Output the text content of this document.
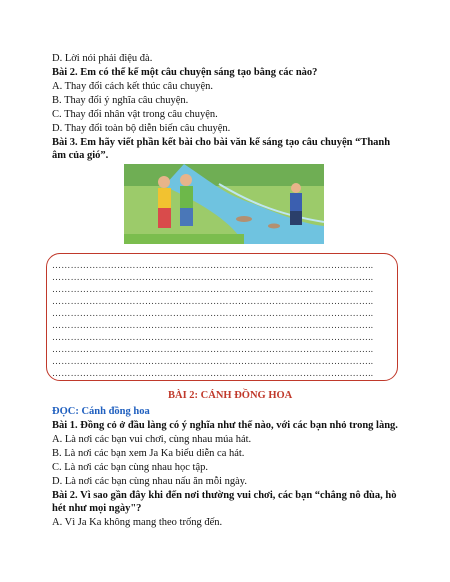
D. Lời nói phải điệu đà.
Bài 2. Em có thể kể một câu chuyện sáng tạo bằng các nào?
A. Thay đổi cách kết thúc câu chuyện.
B. Thay đổi ý nghĩa câu chuyện.
C. Thay đổi nhân vật trong câu chuyện.
D. Thay đổi toàn bộ diễn biến câu chuyện.
Bài 3. Em hãy viết phần kết bài cho bài văn kể sáng tạo câu chuyện “Thanh âm của gió”.
…………………………………………………………………………………………..
…………………………………………………………………………………………..
…………………………………………………………………………………………..
…………………………………………………………………………………………..
…………………………………………………………………………………………..
…………………………………………………………………………………………..
…………………………………………………………………………………………..
…………………………………………………………………………………………..
…………………………………………………………………………………………..
…………………………………………………………………………………………..
BÀI 2: CÁNH ĐỒNG HOA
ĐỌC: Cánh đồng hoa
Bài 1. Đồng cỏ ở đầu làng có ý nghĩa như thế nào, với các bạn nhỏ trong làng.
A. Là nơi các bạn vui chơi, cùng nhau múa hát.
B. Là nơi các bạn xem Ja Ka biểu diễn ca hát.
C. Là nơi các bạn cùng nhau học tập.
D. Là nơi các bạn cùng nhau nấu ăn mỗi ngày.
Bài 2. Vì sao gần đây khi đến nơi thường vui chơi, các bạn “chẳng nô đùa, hò hét như mọi ngày"?
A. Vì Ja Ka không mang theo trống đến.
